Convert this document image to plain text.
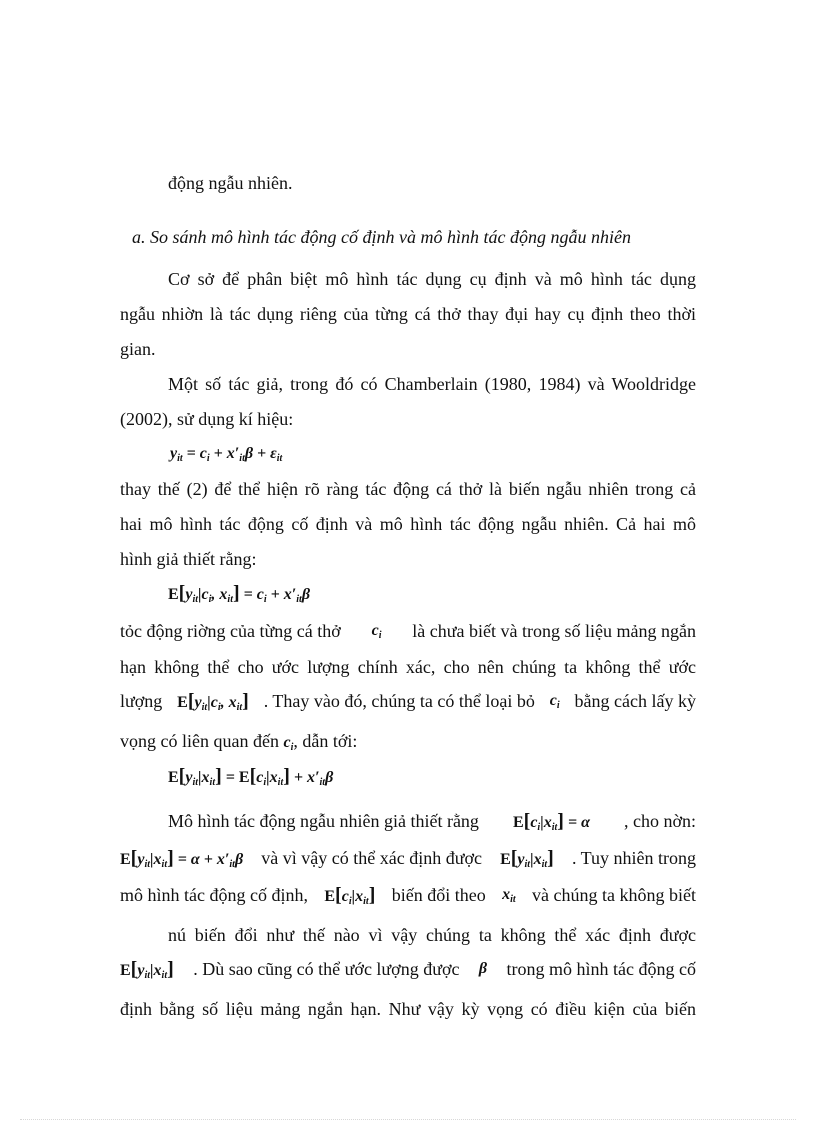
động ngẫu nhiên.
a. So sánh mô hình tác động cố định và mô hình tác động ngẫu nhiên
Cơ sở để phân biệt mô hình tác dụng cụ định và mô hình tác dụng
ngẫu nhiờn là tác dụng riêng của từng cá thở thay đụi hay cụ định theo thời
gian.
Một số tác giả, trong đó có Chamberlain (1980, 1984) và Wooldridge
(2002), sử dụng kí hiệu:
$y_{it} = c_i + x'_{it}\beta + \varepsilon_{it}$
thay thế (2) để thể hiện rõ ràng tác động cá thở là biến ngẫu nhiên trong cả
hai mô hình tác động cố định và mô hình tác động ngẫu nhiên. Cả hai mô
hình giả thiết rằng:
$E[y_{it}|c_i$, $x_{it}] = c_i + x'_{it}\beta$
tỏc động riờng của từng cá thở $c_i$ là chưa biết và trong số liệu mảng ngắn
hạn không thể cho ước lượng chính xác, cho nên chúng ta không thể ước
lượng $E[y_{it}|c_i$, $x_{it}$] . Thay vào đó, chúng ta có thể loại bỏ $c_i$ bằng cách lấy kỳ
vọng có liên quan đến $c_i$, dẫn tới:
$E[y_{it}|x_{it}] = E[c_i|x_{it}] + x'_{it}\beta$
Mô hình tác động ngẫu nhiên giả thiết rằng $E[c_i|x_{it}] = \alpha$ , cho nờn:
$E[y_{it}|x_{it}] = \alpha + x'_{it}\beta$ và vì vậy có thể xác định được $E[y_{it}|x_{it}]$ . Tuy nhiên trong
mô hình tác động cố định, $E[c_i|x_{it}]$ biến đổi theo $x_{it}$ và chúng ta không biết
nú biến đổi như thế nào vì vậy chúng ta không thể xác định được
$E[y_{it}|x_{it}]$ . Dù sao cũng có thể ước lượng được β trong mô hình tác động cố
định bằng số liệu mảng ngắn hạn. Như vậy kỳ vọng có điều kiện của biến
